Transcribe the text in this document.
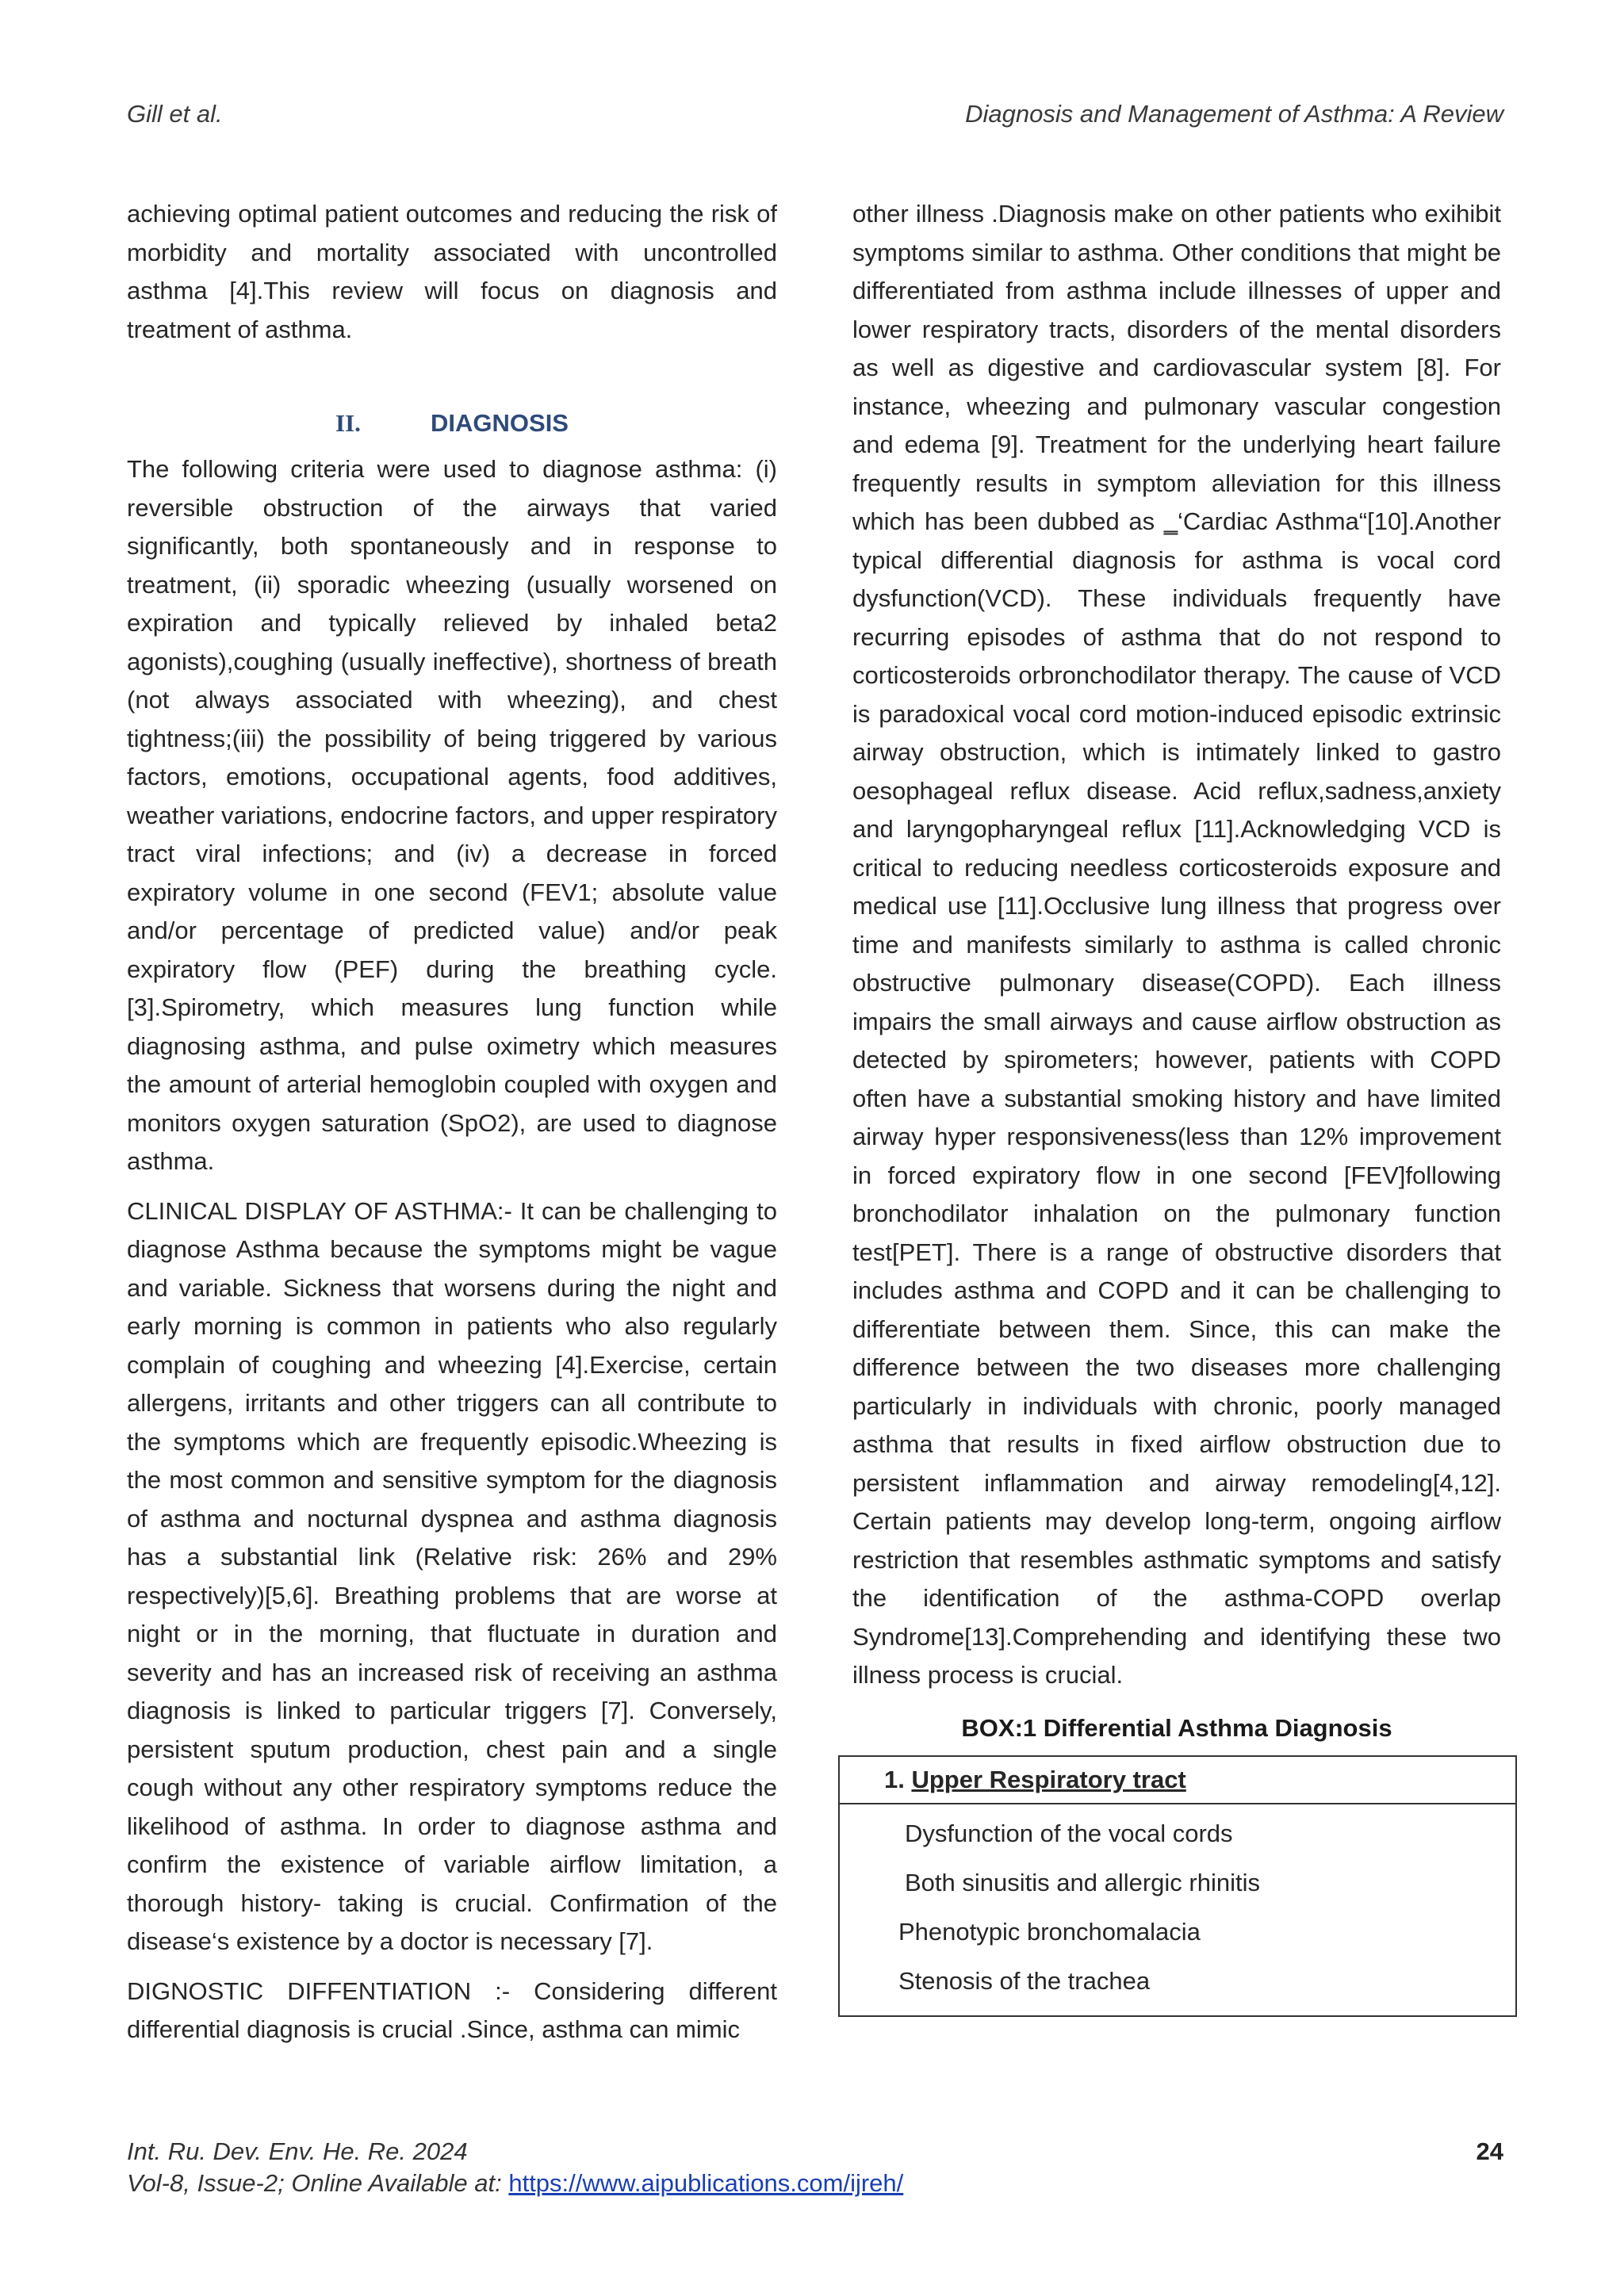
Gill et al.	Diagnosis and Management of Asthma: A Review

achieving optimal patient outcomes and reducing the risk of morbidity and mortality associated with uncontrolled asthma [4].This review will focus on diagnosis and treatment of asthma.

II.	DIAGNOSIS

The following criteria were used to diagnose asthma: (i) reversible obstruction of the airways that varied significantly, both spontaneously and in response to treatment, (ii) sporadic wheezing (usually worsened on expiration and typically relieved by inhaled beta2 agonists),coughing (usually ineffective), shortness of breath (not always associated with wheezing), and chest tightness;(iii) the possibility of being triggered by various factors, emotions, occupational agents, food additives, weather variations, endocrine factors, and upper respiratory tract viral infections; and (iv) a decrease in forced expiratory volume in one second (FEV1; absolute value and/or percentage of predicted value) and/or peak expiratory flow (PEF) during the breathing cycle.[3].Spirometry, which measures lung function while diagnosing asthma, and pulse oximetry which measures the amount of arterial hemoglobin coupled with oxygen and monitors oxygen saturation (SpO2), are used to diagnose asthma.

CLINICAL DISPLAY OF ASTHMA:- It can be challenging to diagnose Asthma because the symptoms might be vague and variable. Sickness that worsens during the night and early morning is common in patients who also regularly complain of coughing and wheezing [4].Exercise, certain allergens, irritants and other triggers can all contribute to the symptoms which are frequently episodic.Wheezing is the most common and sensitive symptom for the diagnosis of asthma and nocturnal dyspnea and asthma diagnosis has a substantial link (Relative risk: 26% and 29% respectively)[5,6]. Breathing problems that are worse at night or in the morning, that fluctuate in duration and severity and has an increased risk of receiving an asthma diagnosis is linked to particular triggers [7]. Conversely, persistent sputum production, chest pain and a single cough without any other respiratory symptoms reduce the likelihood of asthma. In order to diagnose asthma and confirm the existence of variable airflow limitation, a thorough history- taking is crucial. Confirmation of the disease‘s existence by a doctor is necessary [7].

DIGNOSTIC DIFFENTIATION :- Considering different differential diagnosis is crucial .Since, asthma can mimic

other illness .Diagnosis make on other patients who exihibit symptoms similar to asthma. Other conditions that might be differentiated from asthma include illnesses of upper and lower respiratory tracts, disorders of the mental disorders as well as digestive and cardiovascular system [8]. For instance, wheezing and pulmonary vascular congestion and edema [9]. Treatment for the underlying heart failure frequently results in symptom alleviation for this illness which has been dubbed as ‗‘Cardiac Asthma“[10].Another typical differential diagnosis for asthma is vocal cord dysfunction(VCD). These individuals frequently have recurring episodes of asthma that do not respond to corticosteroids orbronchodilator therapy. The cause of VCD is paradoxical vocal cord motion-induced episodic extrinsic airway obstruction, which is intimately linked to gastro oesophageal reflux disease. Acid reflux,sadness,anxiety and laryngopharyngeal reflux [11].Acknowledging VCD is critical to reducing needless corticosteroids exposure and medical use [11].Occlusive lung illness that progress over time and manifests similarly to asthma is called chronic obstructive pulmonary disease(COPD). Each illness impairs the small airways and cause airflow obstruction as detected by spirometers; however, patients with COPD often have a substantial smoking history and have limited airway hyper responsiveness(less than 12% improvement in forced expiratory flow in one second [FEV]following bronchodilator inhalation on the pulmonary function test[PET]. There is a range of obstructive disorders that includes asthma and COPD and it can be challenging to differentiate between them. Since, this can make the difference between the two diseases more challenging particularly in individuals with chronic, poorly managed asthma that results in fixed airflow obstruction due to persistent inflammation and airway remodeling[4,12]. Certain patients may develop long-term, ongoing airflow restriction that resembles asthmatic symptoms and satisfy the identification of the asthma-COPD overlap Syndrome[13].Comprehending and identifying these two illness process is crucial.

BOX:1 Differential Asthma Diagnosis
1. Upper Respiratory tract
Dysfunction of the vocal cords
Both sinusitis and allergic rhinitis
Phenotypic bronchomalacia
Stenosis of the trachea
Int. Ru. Dev. Env. He. Re. 2024
Vol-8, Issue-2; Online Available at: https://www.aipublications.com/ijreh/
24
